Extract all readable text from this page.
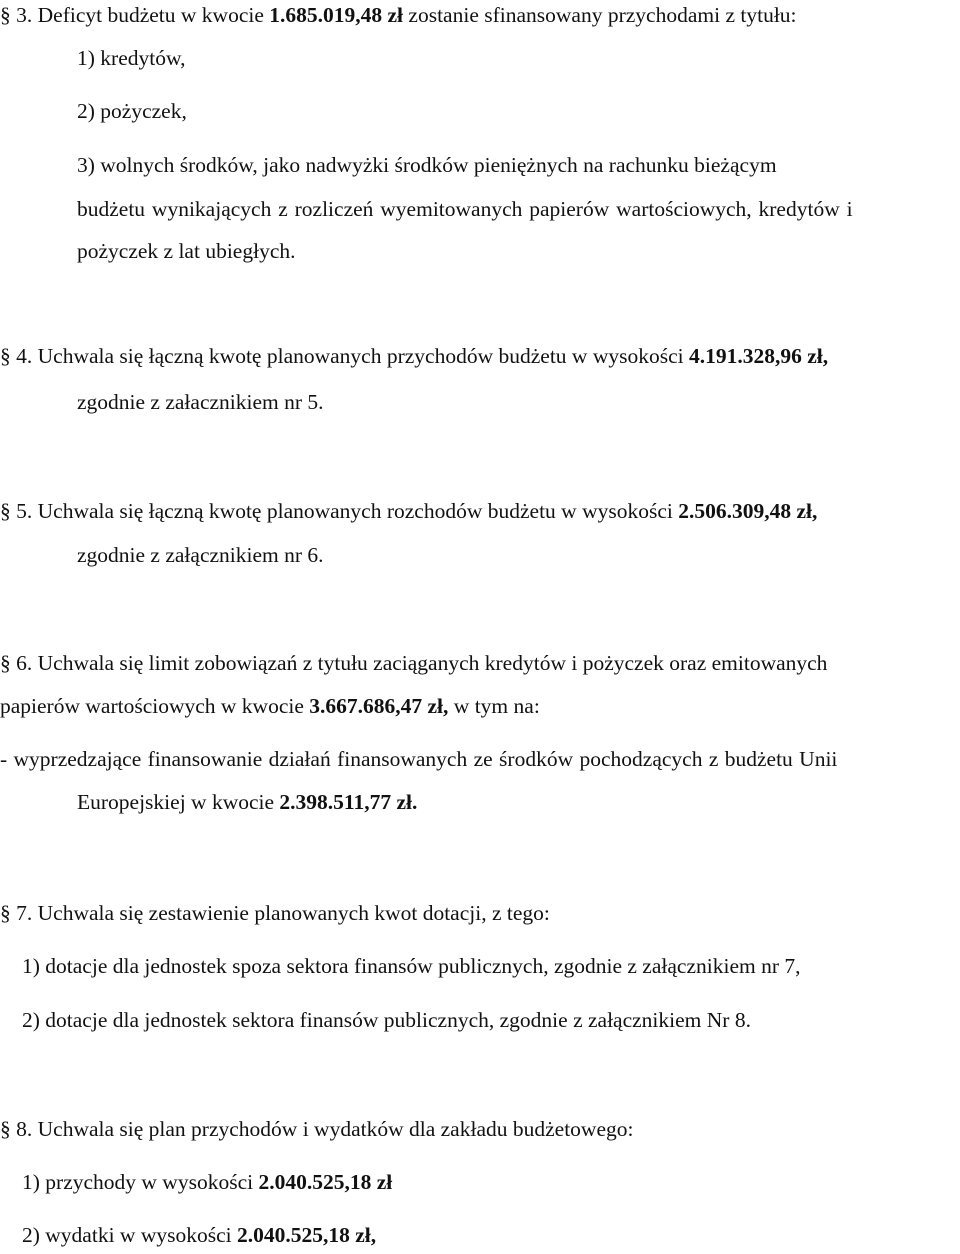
§ 3. Deficyt budżetu w kwocie 1.685.019,48 zł zostanie sfinansowany przychodami z tytułu:
1) kredytów,
2) pożyczek,
3) wolnych środków, jako nadwyżki środków pieniężnych na rachunku bieżącym
budżetu wynikających z rozliczeń wyemitowanych papierów wartościowych, kredytów i
pożyczek z lat ubiegłych.
§ 4. Uchwala się łączną kwotę planowanych przychodów budżetu w wysokości 4.191.328,96 zł,
zgodnie z załacznikiem nr 5.
§ 5. Uchwala się łączną kwotę planowanych rozchodów budżetu w wysokości 2.506.309,48 zł,
zgodnie z załącznikiem nr 6.
§ 6. Uchwala się limit zobowiązań z tytułu zaciąganych kredytów i pożyczek oraz emitowanych
papierów wartościowych w kwocie 3.667.686,47 zł, w tym na:
- wyprzedzające finansowanie działań finansowanych ze środków pochodzących z budżetu Unii
Europejskiej w kwocie 2.398.511,77 zł.
§ 7. Uchwala się zestawienie planowanych kwot dotacji, z tego:
1) dotacje dla jednostek spoza sektora finansów publicznych, zgodnie z załącznikiem nr 7,
2) dotacje dla jednostek sektora finansów publicznych, zgodnie z załącznikiem Nr 8.
§ 8. Uchwala się plan przychodów i wydatków dla zakładu budżetowego:
1) przychody w wysokości 2.040.525,18 zł
2) wydatki w wysokości 2.040.525,18 zł,
